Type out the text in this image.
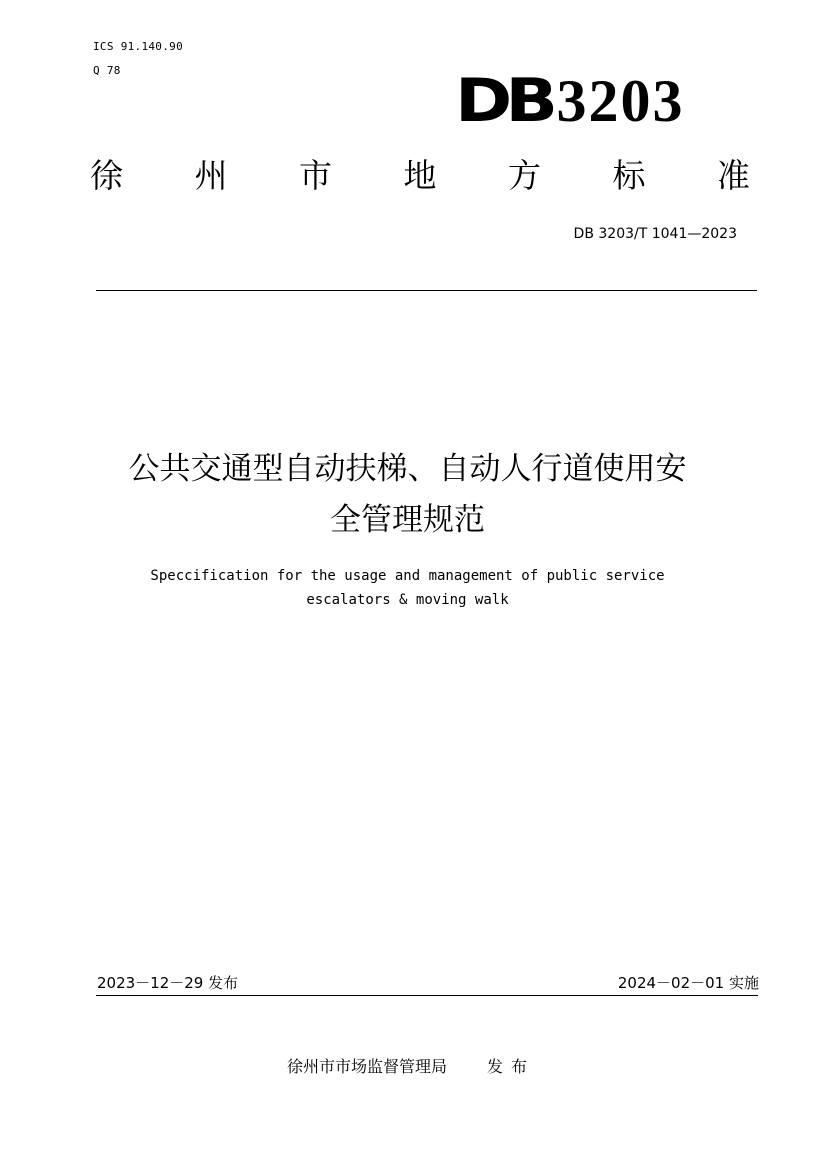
ICS 91.140.90
Q 78	DB 3203
徐 州 市 地 方 标 准
DB 3203/T 1041—2023
公共交通型自动扶梯、自动人行道使用安
全管理规范
Speccification for the usage and management of public service
escalators & moving walk
2023－12－29 发布	2024－02－01 实施
徐州市市场监督管理局	发布
